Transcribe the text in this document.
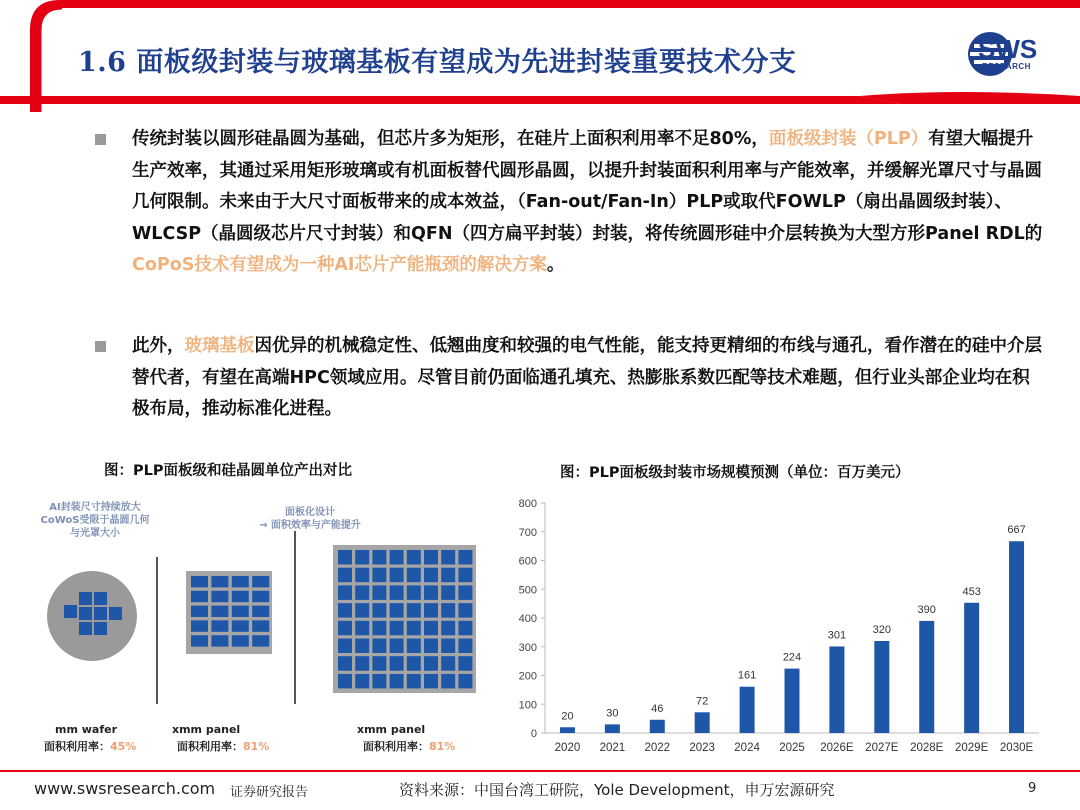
1.6 面板级封装与玻璃基板有望成为先进封装重要技术分支	SWS
RESEARCH
传统封装以圆形硅晶圆为基础，但芯片多为矩形，在硅片上面积利用率不足80%，面板级封装（PLP）有望大幅提升生产效率，其通过采用矩形玻璃或有机面板替代圆形晶圆，以提升封装面积利用率与产能效率，并缓解光罩尺寸与晶圆几何限制。未来由于大尺寸面板带来的成本效益，（Fan-out/Fan-In）PLP或取代FOWLP（扇出晶圆级封装）、WLCSP（晶圆级芯片尺寸封装）和QFN（四方扁平封装）封装，将传统圆形硅中介层转换为大型方形Panel RDL的CoPoS技术有望成为一种AI芯片产能瓶颈的解决方案。
此外，玻璃基板因优异的机械稳定性、低翘曲度和较强的电气性能，能支持更精细的布线与通孔，看作潜在的硅中介层替代者，有望在高端HPC领域应用。尽管目前仍面临通孔填充、热膨胀系数匹配等技术难题，但行业头部企业均在积极布局，推动标准化进程。
图：PLP面板级和硅晶圆单位产出对比	图：PLP面板级封装市场规模预测（单位：百万美元）
AI封装尺寸持续放大
CoWoS受限于晶圆几何
与光罩大小
面板化设计
→ 面积效率与产能提升
mm wafer
面积利用率：45%
xmm panel
面积利用率：81%
xmm panel
面积利用率：81%
0
100
200
300
400
500
600
700
800
20
2020
30
2021
46
2022
72
2023
161
2024
224
2025
301
2026E
320
2027E
390
2028E
453
2029E
667
2030E
www.swsresearch.com 证券研究报告	资料来源：中国台湾工研院，Yole Development，申万宏源研究	9
